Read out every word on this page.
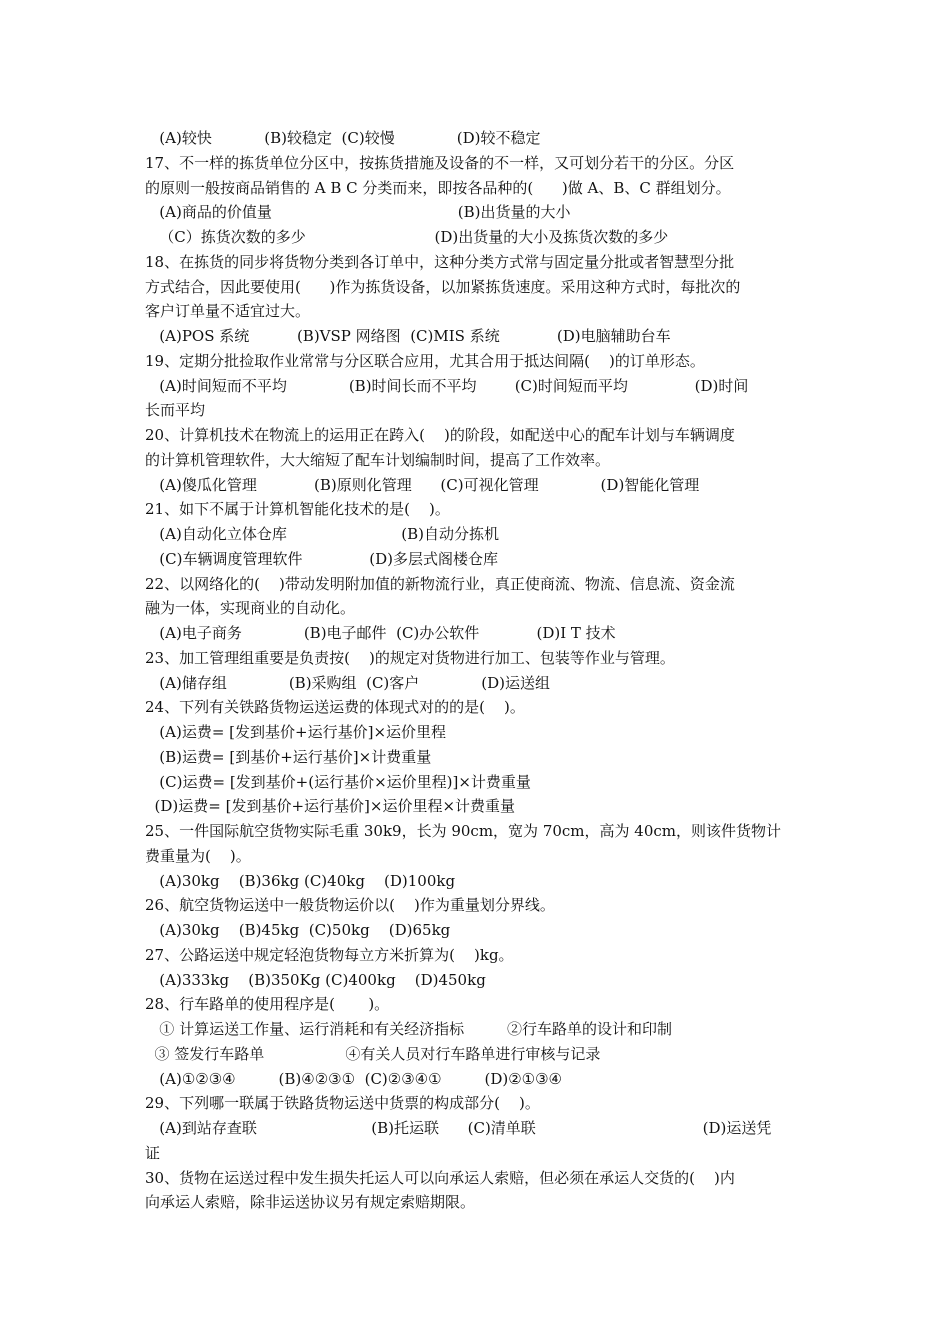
(A)较快           (B)较稳定  (C)较慢             (D)较不稳定
17、不一样的拣货单位分区中，按拣货措施及设备的不一样，又可划分若干的分区。分区
的原则一般按商品销售的 A B C 分类而来，即按各品种的(      )做 A、B、C 群组划分。
(A)商品的价值量                                       (B)出货量的大小
（C）拣货次数的多少                           (D)出货量的大小及拣货次数的多少
18、在拣货的同步将货物分类到各订单中，这种分类方式常与固定量分批或者智慧型分批
方式结合，因此要使用(      )作为拣货设备，以加紧拣货速度。采用这种方式时，每批次的
客户订单量不适宜过大。
(A)POS 系统          (B)VSP 网络图  (C)MIS 系统            (D)电脑辅助台车
19、定期分批捡取作业常常与分区联合应用，尤其合用于抵达间隔(    )的订单形态。
(A)时间短而不平均             (B)时间长而不平均        (C)时间短而平均              (D)时间
长而平均
20、计算机技术在物流上的运用正在跨入(    )的阶段，如配送中心的配车计划与车辆调度
的计算机管理软件，大大缩短了配车计划编制时间，提高了工作效率。
(A)傻瓜化管理            (B)原则化管理      (C)可视化管理             (D)智能化管理
21、如下不属于计算机智能化技术的是(    )。
(A)自动化立体仓库                        (B)自动分拣机
(C)车辆调度管理软件              (D)多层式阁楼仓库
22、以网络化的(    )带动发明附加值的新物流行业，真正使商流、物流、信息流、资金流
融为一体，实现商业的自动化。
(A)电子商务             (B)电子邮件  (C)办公软件            (D)I T 技术
23、加工管理组重要是负责按(    )的规定对货物进行加工、包装等作业与管理。
(A)储存组             (B)采购组  (C)客户             (D)运送组
24、下列有关铁路货物运送运费的体现式对的的是(    )。
(A)运费= [发到基价+运行基价]×运价里程
(B)运费= [到基价+运行基价]×计费重量
(C)运费= [发到基价+(运行基价×运价里程)]×计费重量
(D)运费= [发到基价+运行基价]×运价里程×计费重量
25、一件国际航空货物实际毛重 30k9，长为 90cm，宽为 70cm，高为 40cm，则该件货物计
费重量为(    )。
(A)30kg    (B)36kg (C)40kg    (D)100kg
26、航空货物运送中一般货物运价以(    )作为重量划分界线。
(A)30kg    (B)45kg  (C)50kg    (D)65kg
27、公路运送中规定轻泡货物每立方米折算为(    )kg。
(A)333kg    (B)350Kg (C)400kg    (D)450kg
28、行车路单的使用程序是(       )。
① 计算运送工作量、运行消耗和有关经济指标         ②行车路单的设计和印制
③ 签发行车路单                 ④有关人员对行车路单进行审核与记录
(A)①②③④         (B)④②③①  (C)②③④①         (D)②①③④
29、下列哪一联属于铁路货物运送中货票的构成部分(    )。
(A)到站存查联                        (B)托运联      (C)清单联                                   (D)运送凭
证
30、货物在运送过程中发生损失托运人可以向承运人索赔，但必须在承运人交货的(    )内
向承运人索赔，除非运送协议另有规定索赔期限。
